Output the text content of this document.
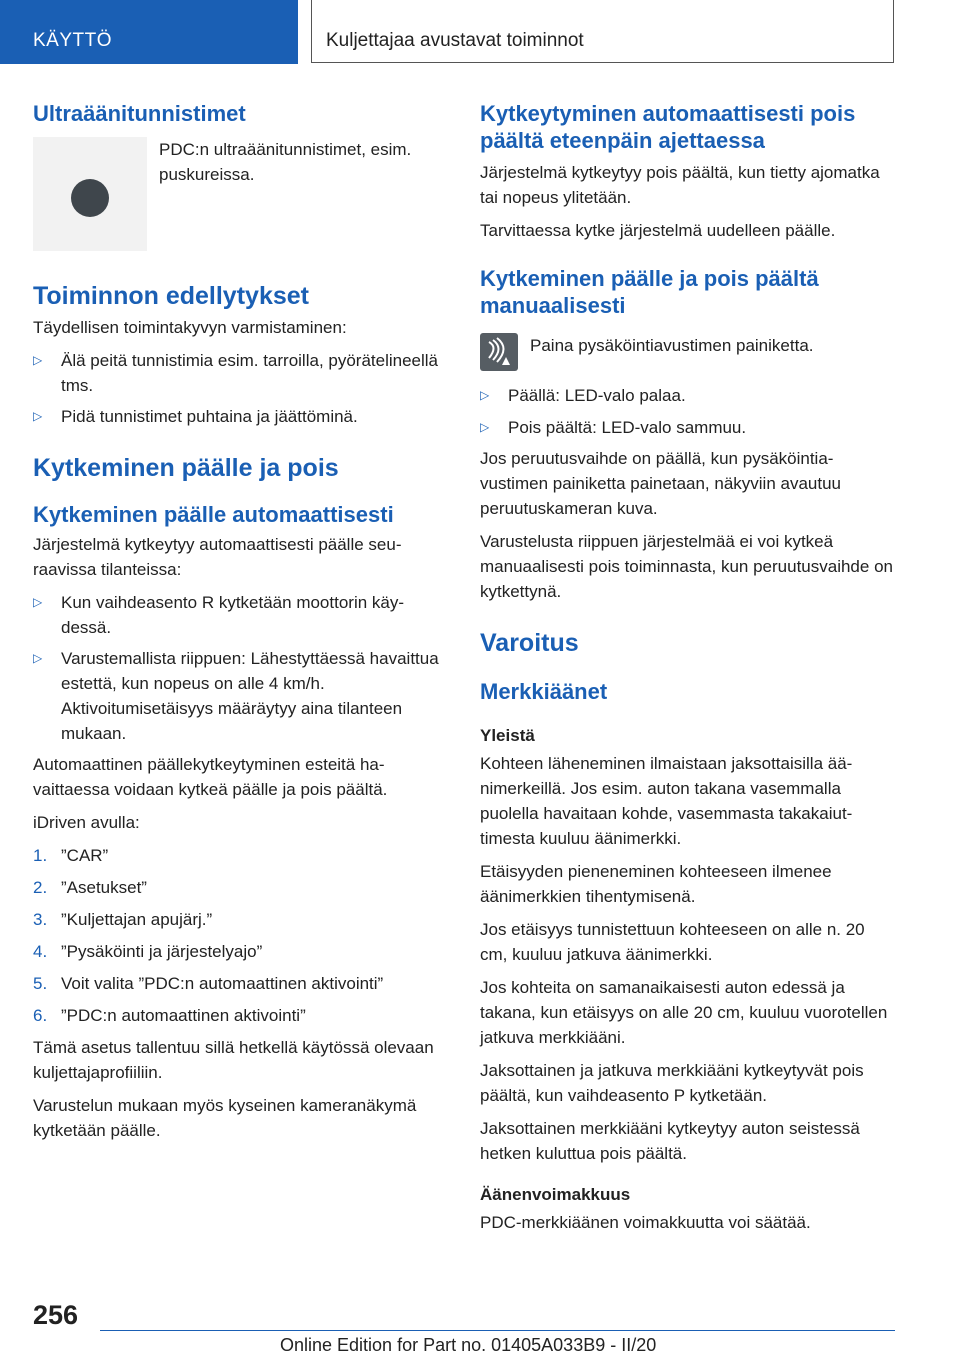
KÄYTTÖ	Kuljettajaa avustavat toiminnot
Ultraäänitunnistimet

PDC:n ultraäänitunnistimet, esim. puskureissa.

Toiminnon edellytykset

Täydellisen toimintakyvyn varmistaminen:

▷ Älä peitä tunnistimia esim. tarroilla, pyörätelineellä tms.
▷ Pidä tunnistimet puhtaina ja jäättöminä.
Kytkeminen päälle ja pois
Kytkeminen päälle automaattisesti

Järjestelmä kytkeytyy automaattisesti päälle seuraavissa tilanteissa:

▷ Kun vaihdeasento R kytketään moottorin käydessä.
▷ Varustemallista riippuen: Lähestyttäessä havaittua estettä, kun nopeus on alle 4 km/h. Aktivoitumisetäisyys määräytyy aina tilanteen mukaan.

Automaattinen päällekytkeytyminen esteitä havaittaessa voidaan kytkeä päälle ja pois päältä.

iDriven avulla:

1. ”CAR”
2. ”Asetukset”
3. ”Kuljettajan apujärj.”
4. ”Pysäköinti ja järjestelyajo”
5. Voit valita ”PDC:n automaattinen aktivointi”
6. ”PDC:n automaattinen aktivointi”

Tämä asetus tallentuu sillä hetkellä käytössä olevaan kuljettajaprofiiliin.

Varustelun mukaan myös kyseinen kameranäkymä kytketään päälle.

Kytkeytyminen automaattisesti pois päältä eteenpäin ajettaessa

Järjestelmä kytkeytyy pois päältä, kun tietty ajomatka tai nopeus ylitetään.

Tarvittaessa kytke järjestelmä uudelleen päälle.

Kytkeminen päälle ja pois päältä manuaalisesti

Paina pysäköintiavustimen painiketta.

▷ Päällä: LED-valo palaa.
▷ Pois päältä: LED-valo sammuu.

Jos peruutusvaihde on päällä, kun pysäköintiavustimen painiketta painetaan, näkyviin avautuu peruutuskameran kuva.

Varustelusta riippuen järjestelmää ei voi kytkeä manuaalisesti pois toiminnasta, kun peruutusvaihde on kytkettynä.

Varoitus
Merkkiäänet
Yleistä

Kohteen läheneminen ilmaistaan jaksottaisilla äänimerkeillä. Jos esim. auton takana vasemmalla puolella havaitaan kohde, vasemmasta takakaiuttimesta kuuluu äänimerkki.

Etäisyyden pieneneminen kohteeseen ilmenee äänimerkkien tihentymisenä.

Jos etäisyys tunnistettuun kohteeseen on alle n. 20 cm, kuuluu jatkuva äänimerkki.

Jos kohteita on samanaikaisesti auton edessä ja takana, kun etäisyys on alle 20 cm, kuuluu vuorotellen jatkuva merkkiääni.

Jaksottainen ja jatkuva merkkiääni kytkeytyvät pois päältä, kun vaihdeasento P kytketään.

Jaksottainen merkkiääni kytkeytyy auton seistessä hetken kuluttua pois päältä.

Äänenvoimakkuus

PDC-merkkiäänen voimakkuutta voi säätää.

256
Online Edition for Part no. 01405A033B9 - II/20
